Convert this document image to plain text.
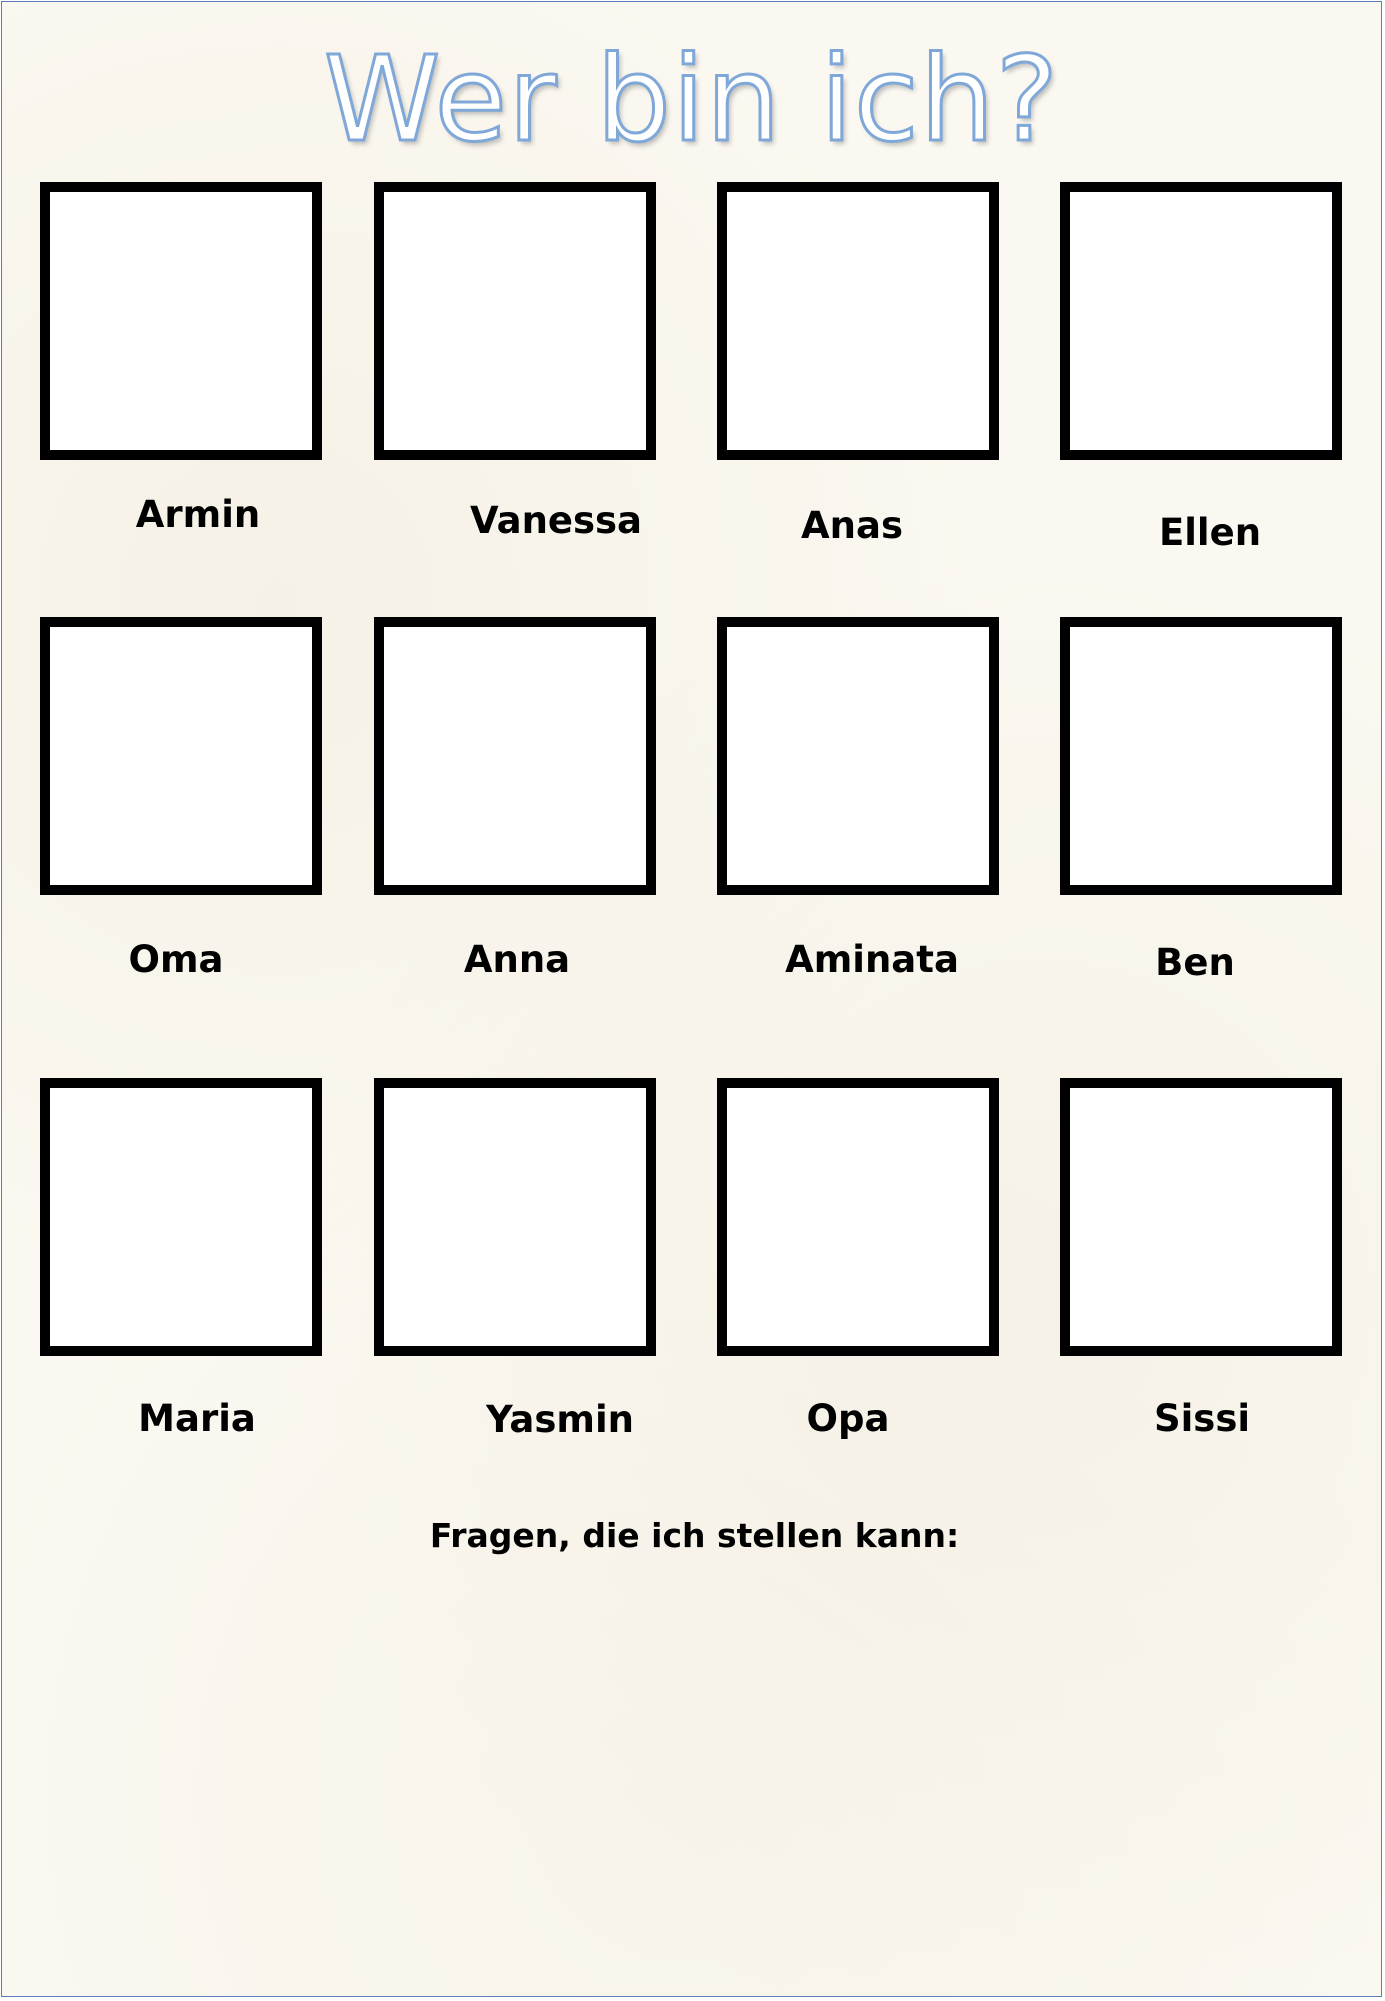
Wer bin ich?
Armin	Vanessa	Anas	Ellen
Oma	Anna	Aminata	Ben
Maria	Yasmin	Opa	Sissi
Fragen, die ich stellen kann:
